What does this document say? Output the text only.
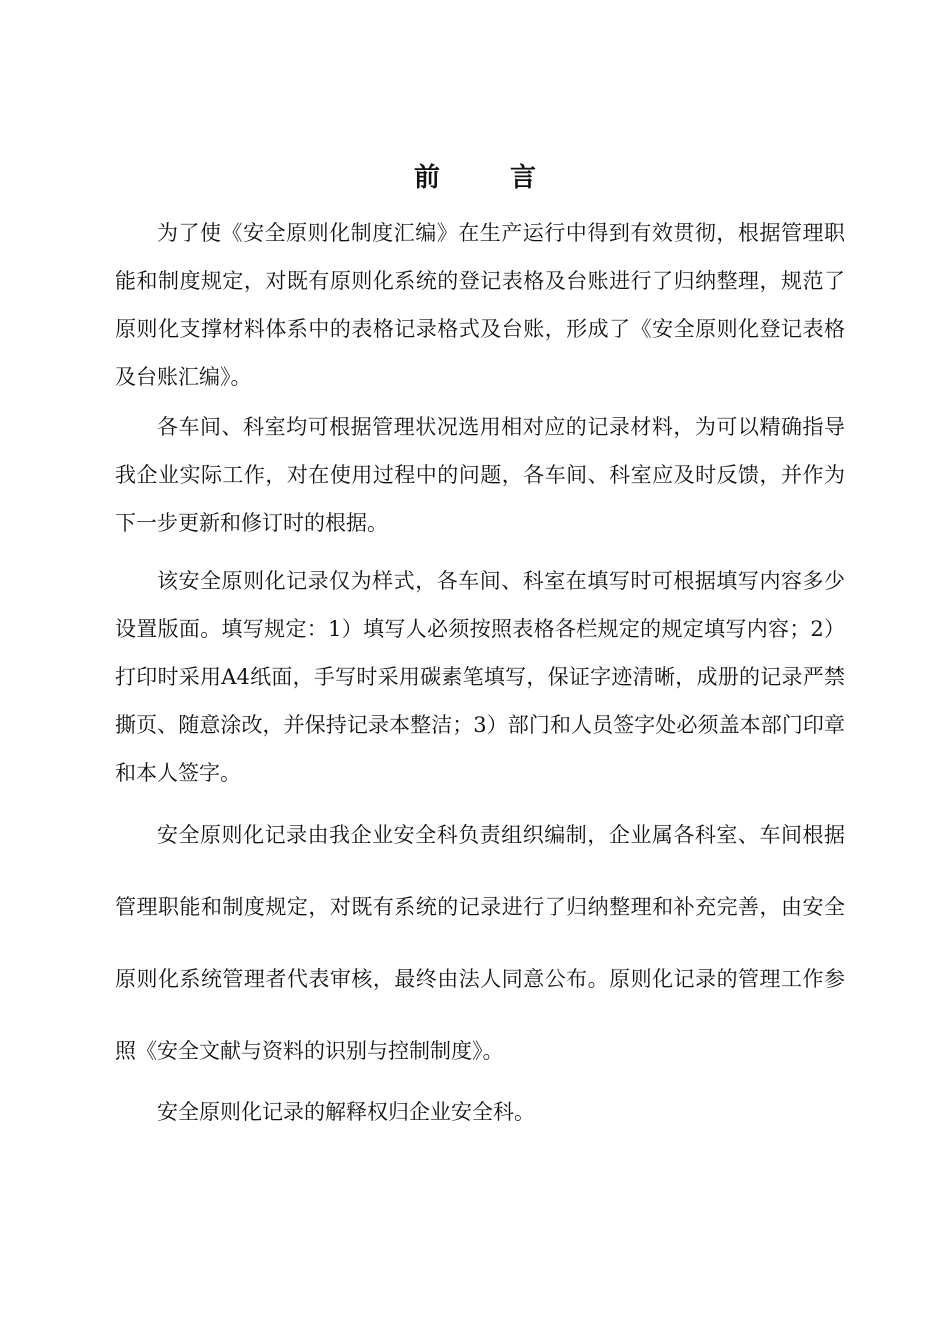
前	言

为了使《安全原则化制度汇编》在生产运行中得到有效贯彻，根据管理职能和制度规定，对既有原则化系统的登记表格及台账进行了归纳整理，规范了原则化支撑材料体系中的表格记录格式及台账，形成了《安全原则化登记表格及台账汇编》。

各车间、科室均可根据管理状况选用相对应的记录材料，为可以精确指导我企业实际工作，对在使用过程中的问题，各车间、科室应及时反馈，并作为下一步更新和修订时的根据。

该安全原则化记录仅为样式，各车间、科室在填写时可根据填写内容多少设置版面。填写规定：1）填写人必须按照表格各栏规定的规定填写内容；2）打印时采用A4纸面，手写时采用碳素笔填写，保证字迹清晰，成册的记录严禁撕页、随意涂改，并保持记录本整洁；3）部门和人员签字处必须盖本部门印章和本人签字。

安全原则化记录由我企业安全科负责组织编制，企业属各科室、车间根据管理职能和制度规定，对既有系统的记录进行了归纳整理和补充完善，由安全原则化系统管理者代表审核，最终由法人同意公布。原则化记录的管理工作参照《安全文献与资料的识别与控制制度》。

安全原则化记录的解释权归企业安全科。
